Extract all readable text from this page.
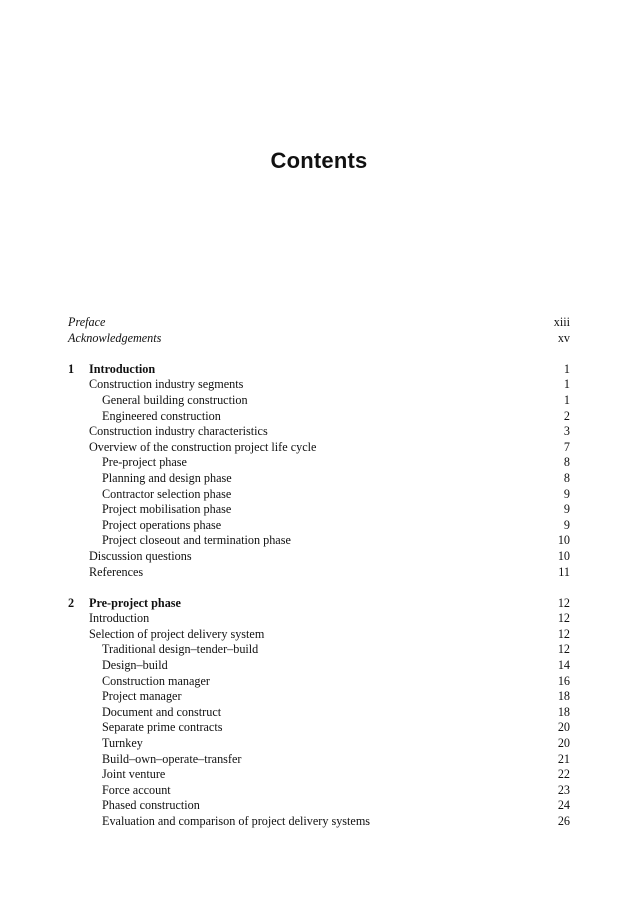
Contents
Preface	xiii
Acknowledgements	xv
1 Introduction	1
Construction industry segments	1
General building construction	1
Engineered construction	2
Construction industry characteristics	3
Overview of the construction project life cycle	7
Pre-project phase	8
Planning and design phase	8
Contractor selection phase	9
Project mobilisation phase	9
Project operations phase	9
Project closeout and termination phase	10
Discussion questions	10
References	11
2 Pre-project phase	12
Introduction	12
Selection of project delivery system	12
Traditional design–tender–build	12
Design–build	14
Construction manager	16
Project manager	18
Document and construct	18
Separate prime contracts	20
Turnkey	20
Build–own–operate–transfer	21
Joint venture	22
Force account	23
Phased construction	24
Evaluation and comparison of project delivery systems	26
